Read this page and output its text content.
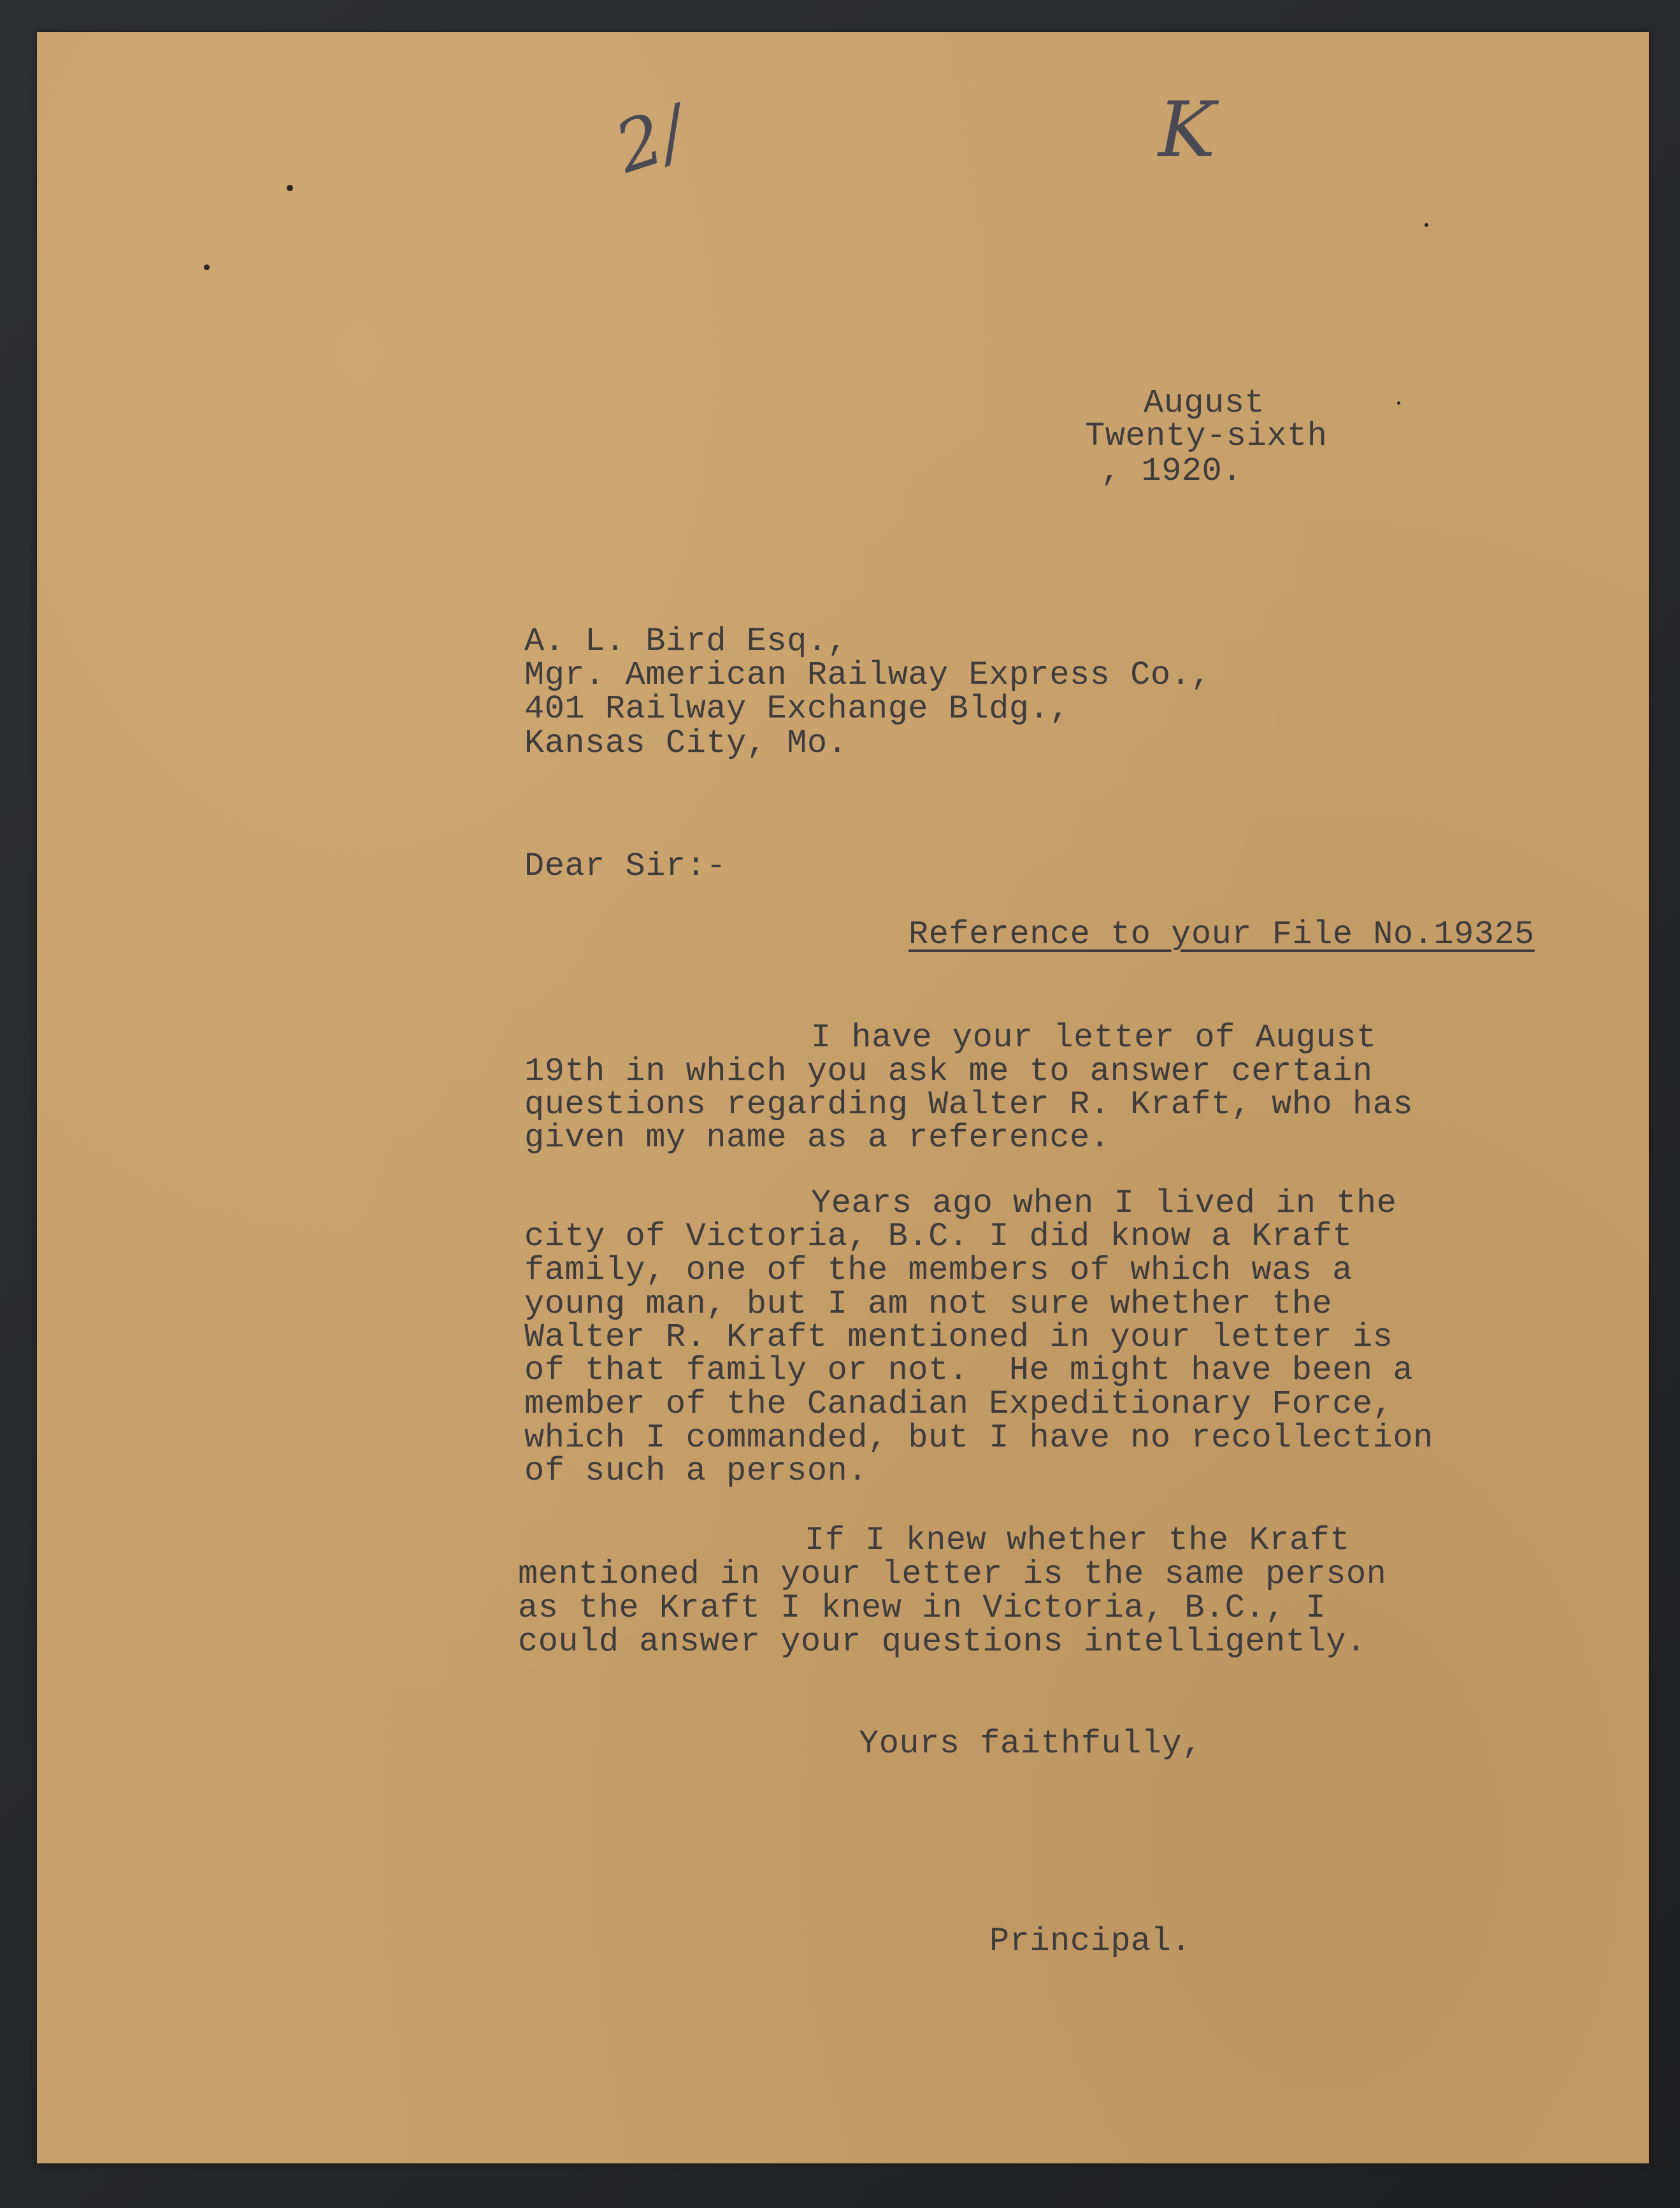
2/	K
August
Twenty-sixth
, 1920.
A. L. Bird Esq.,
Mgr. American Railway Express Co.,
401 Railway Exchange Bldg.,
Kansas City, Mo.
Dear Sir:-
Reference to your File No.19325
I have your letter of August
19th in which you ask me to answer certain
questions regarding Walter R. Kraft, who has
given my name as a reference.
Years ago when I lived in the
city of Victoria, B.C. I did know a Kraft
family, one of the members of which was a
young man, but I am not sure whether the
Walter R. Kraft mentioned in your letter is
of that family or not.  He might have been a
member of the Canadian Expeditionary Force,
which I commanded, but I have no recollection
of such a person.
If I knew whether the Kraft
mentioned in your letter is the same person
as the Kraft I knew in Victoria, B.C., I
could answer your questions intelligently.
Yours faithfully,
Principal.
